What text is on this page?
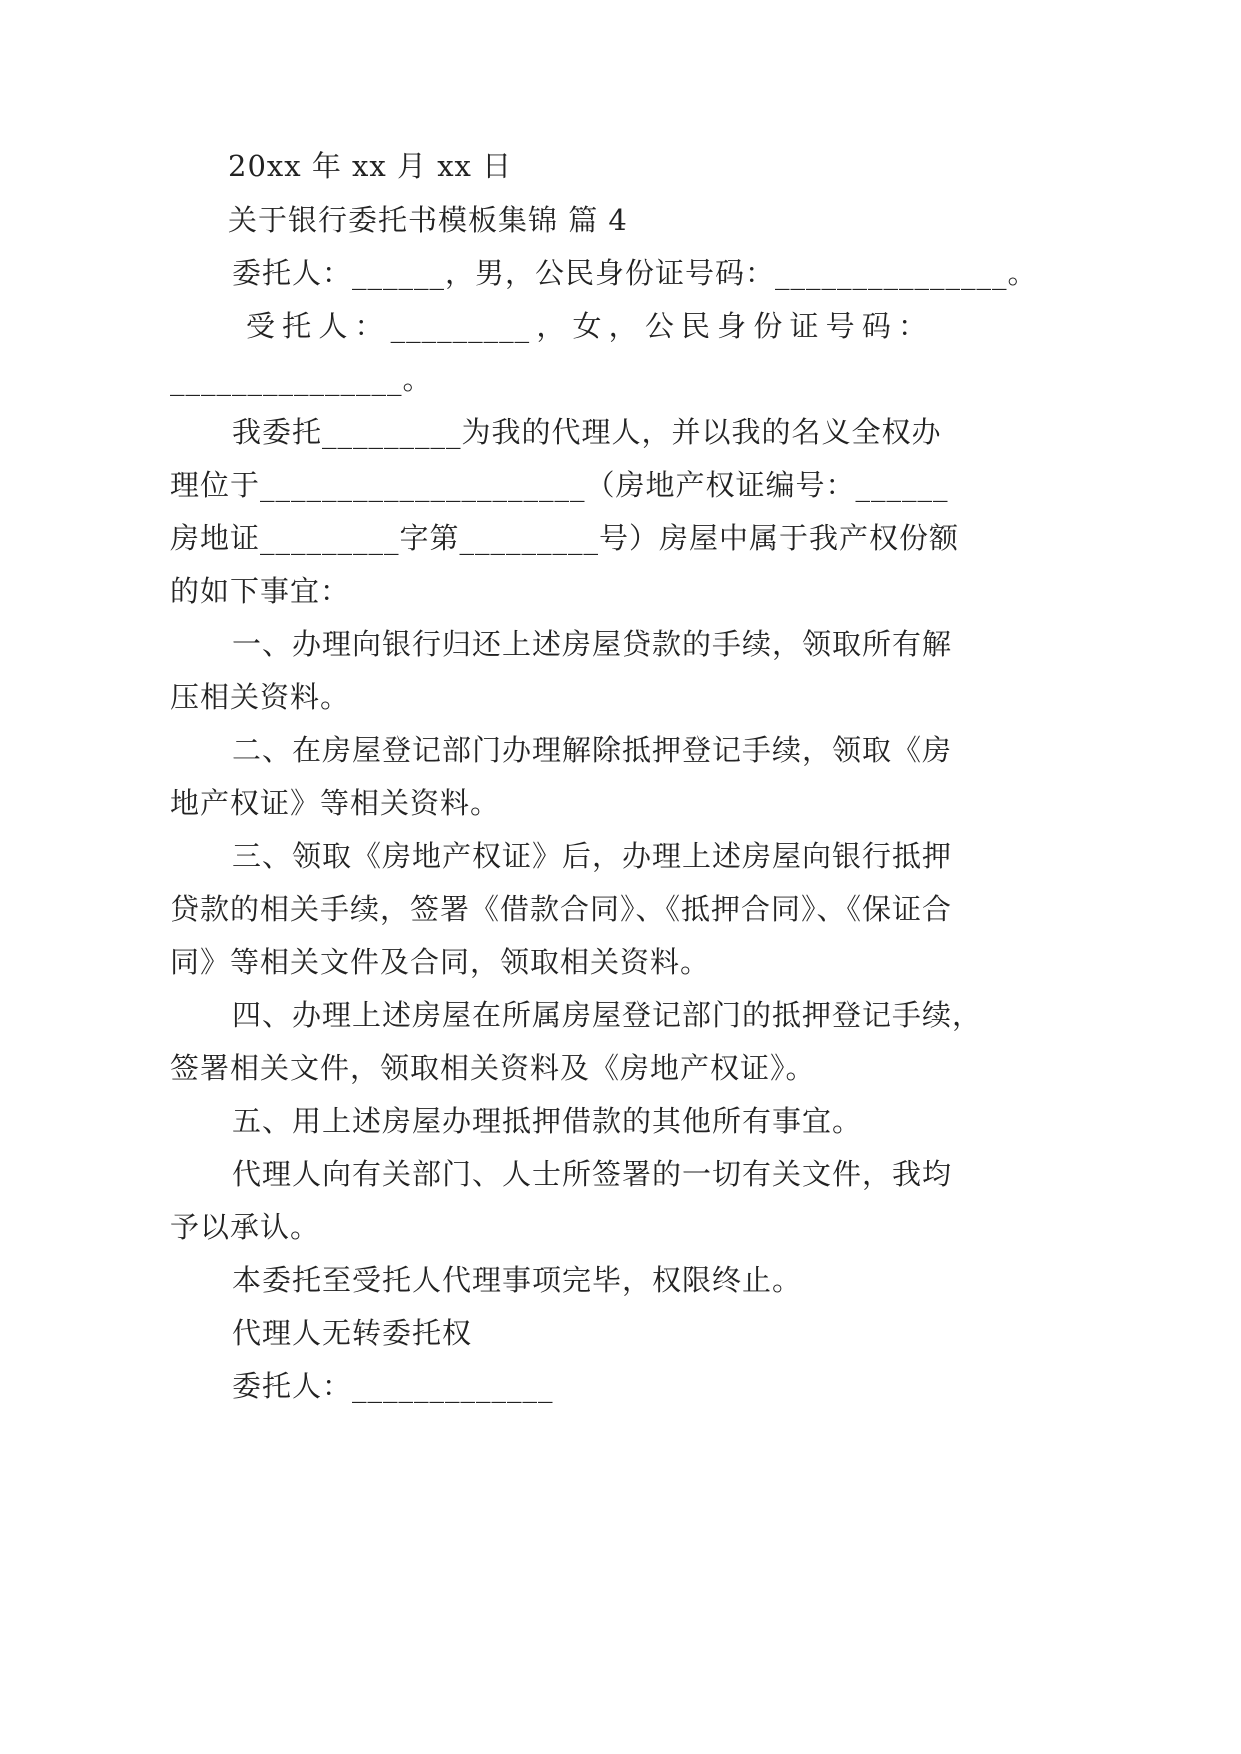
20xx 年 xx 月 xx 日
关于银行委托书模板集锦 篇 4
委托人：______，男，公民身份证号码：_______________。
受托人：_________，女，公民身份证号码：
_______________。
我委托_________为我的代理人，并以我的名义全权办
理位于_____________________（房地产权证编号：______
房地证_________字第_________号）房屋中属于我产权份额
的如下事宜：
一、办理向银行归还上述房屋贷款的手续，领取所有解
压相关资料。
二、在房屋登记部门办理解除抵押登记手续，领取《房
地产权证》等相关资料。
三、领取《房地产权证》后，办理上述房屋向银行抵押
贷款的相关手续，签署《借款合同》、《抵押合同》、《保证合
同》等相关文件及合同，领取相关资料。
四、办理上述房屋在所属房屋登记部门的抵押登记手续，
签署相关文件，领取相关资料及《房地产权证》。
五、用上述房屋办理抵押借款的其他所有事宜。
代理人向有关部门、人士所签署的一切有关文件，我均
予以承认。
本委托至受托人代理事项完毕，权限终止。
代理人无转委托权
委托人：_____________
